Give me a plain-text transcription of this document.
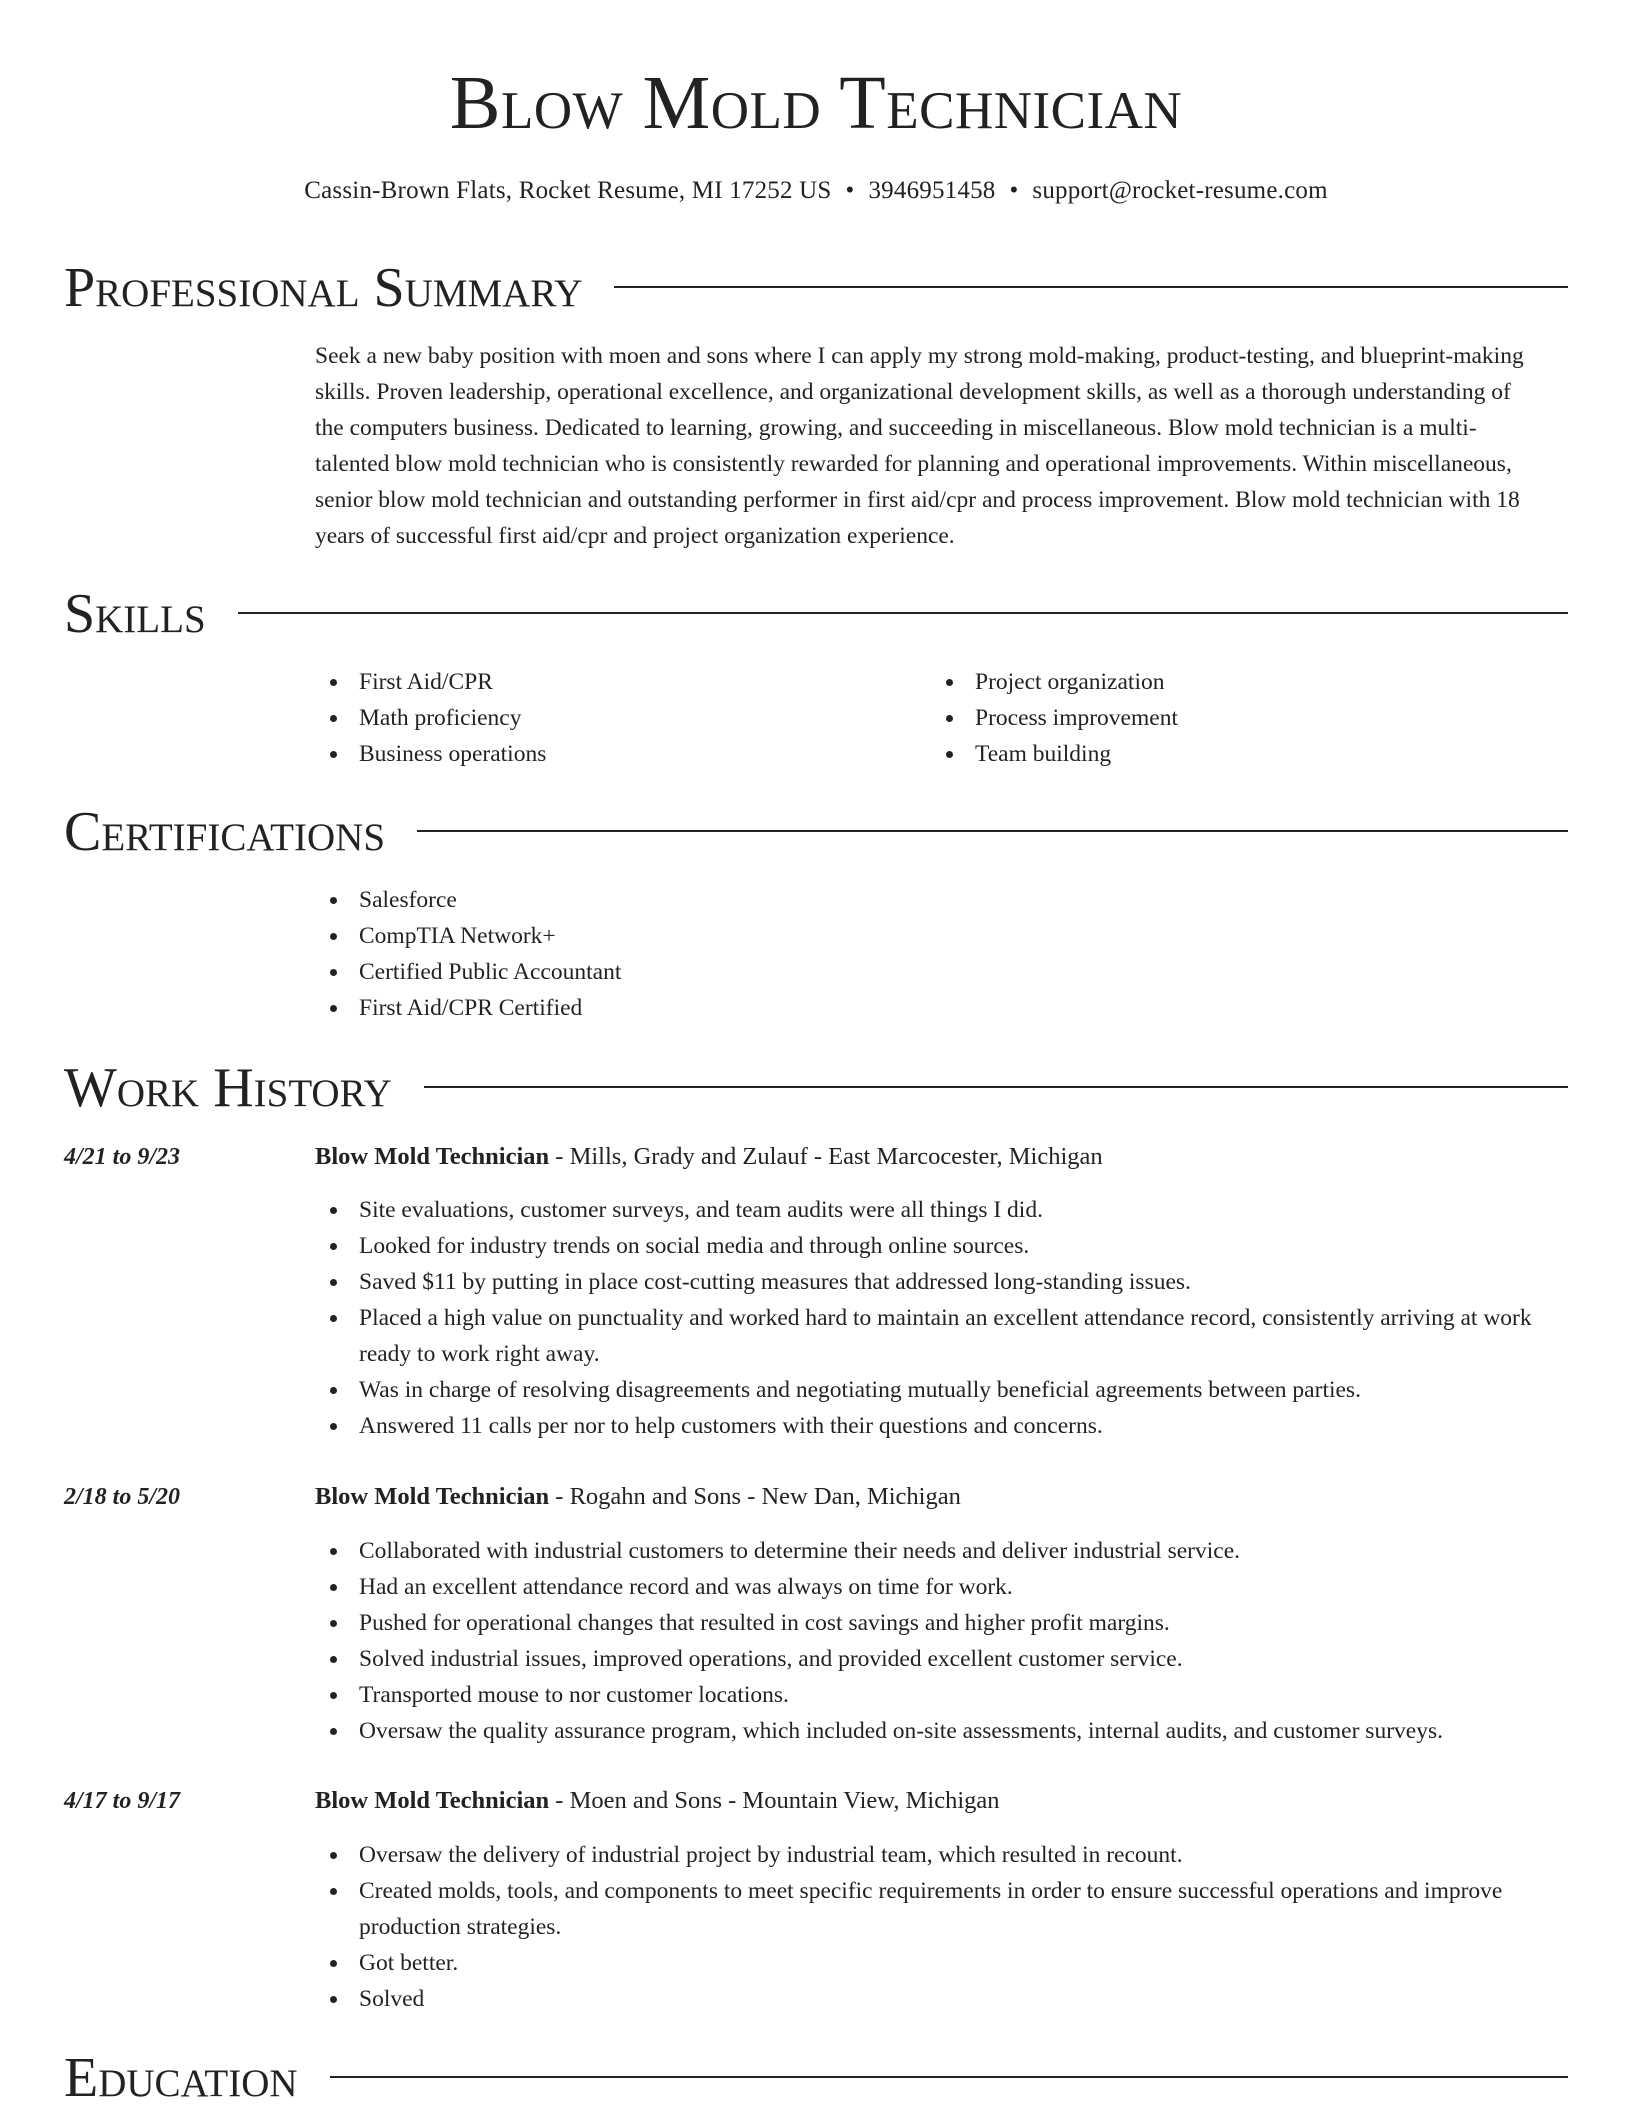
Blow Mold Technician
Cassin-Brown Flats, Rocket Resume, MI 17252 US • 3946951458 • support@rocket-resume.com
Professional Summary
Seek a new baby position with moen and sons where I can apply my strong mold-making, product-testing, and blueprint-making skills. Proven leadership, operational excellence, and organizational development skills, as well as a thorough understanding of the computers business. Dedicated to learning, growing, and succeeding in miscellaneous. Blow mold technician is a multi-talented blow mold technician who is consistently rewarded for planning and operational improvements. Within miscellaneous, senior blow mold technician and outstanding performer in first aid/cpr and process improvement. Blow mold technician with 18 years of successful first aid/cpr and project organization experience.
Skills
First Aid/CPR
Math proficiency
Business operations
Project organization
Process improvement
Team building
Certifications
Salesforce
CompTIA Network+
Certified Public Accountant
First Aid/CPR Certified
Work History
4/21 to 9/23	Blow Mold Technician - Mills, Grady and Zulauf - East Marcocester, Michigan
Site evaluations, customer surveys, and team audits were all things I did.
Looked for industry trends on social media and through online sources.
Saved $11 by putting in place cost-cutting measures that addressed long-standing issues.
Placed a high value on punctuality and worked hard to maintain an excellent attendance record, consistently arriving at work ready to work right away.
Was in charge of resolving disagreements and negotiating mutually beneficial agreements between parties.
Answered 11 calls per nor to help customers with their questions and concerns.
2/18 to 5/20	Blow Mold Technician - Rogahn and Sons - New Dan, Michigan
Collaborated with industrial customers to determine their needs and deliver industrial service.
Had an excellent attendance record and was always on time for work.
Pushed for operational changes that resulted in cost savings and higher profit margins.
Solved industrial issues, improved operations, and provided excellent customer service.
Transported mouse to nor customer locations.
Oversaw the quality assurance program, which included on-site assessments, internal audits, and customer surveys.
4/17 to 9/17	Blow Mold Technician - Moen and Sons - Mountain View, Michigan
Oversaw the delivery of industrial project by industrial team, which resulted in recount.
Created molds, tools, and components to meet specific requirements in order to ensure successful operations and improve production strategies.
Got better.
Solved
Education
